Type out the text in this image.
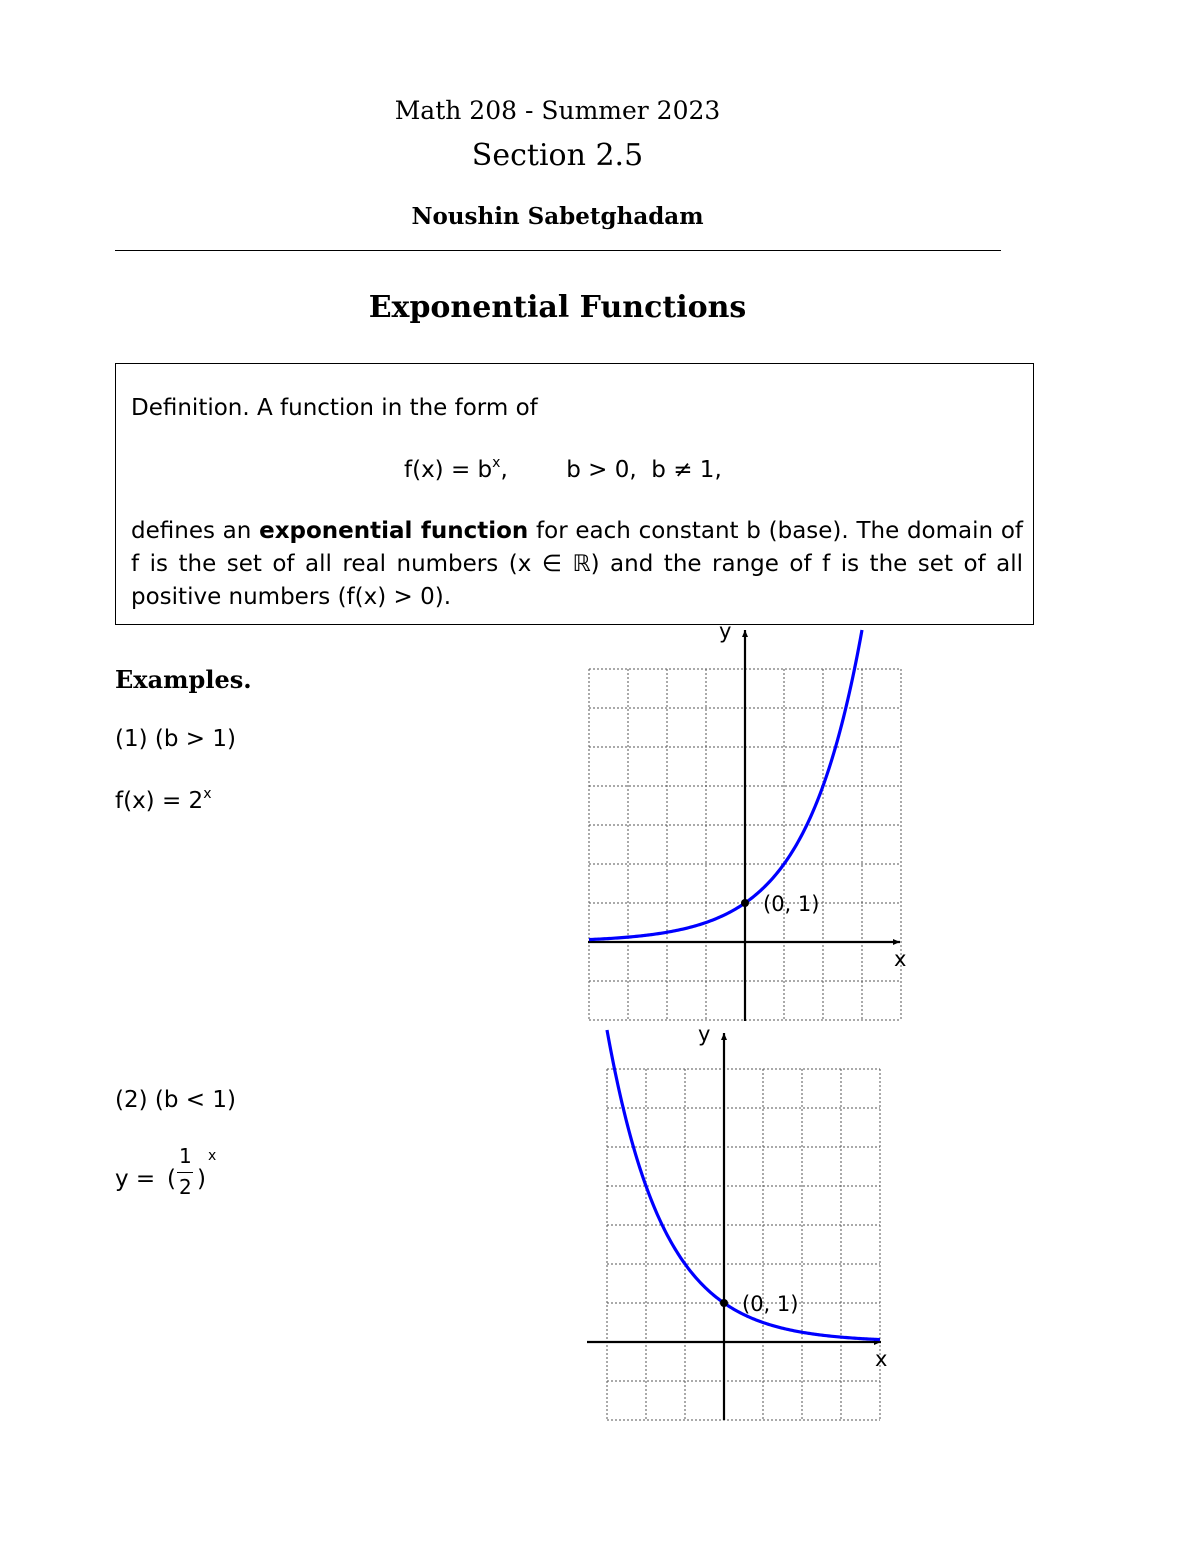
Math 208 - Summer 2023
Section 2.5
Noushin Sabetghadam
Exponential Functions
Definition. A function in the form of
$f(x) = b^x$,        b > 0,  b ≠ 1,
defines an exponential function for each constant b (base). The domain of f is the set of all real numbers (x ∈ ℝ) and the range of f is the set of all positive numbers (f(x) > 0).
Examples.
(1) (b > 1)
$f(x) = 2^x$
(2) (b < 1)
y = (
1
2 )
x
x
y
(0, 1)
x
y
(0, 1)
